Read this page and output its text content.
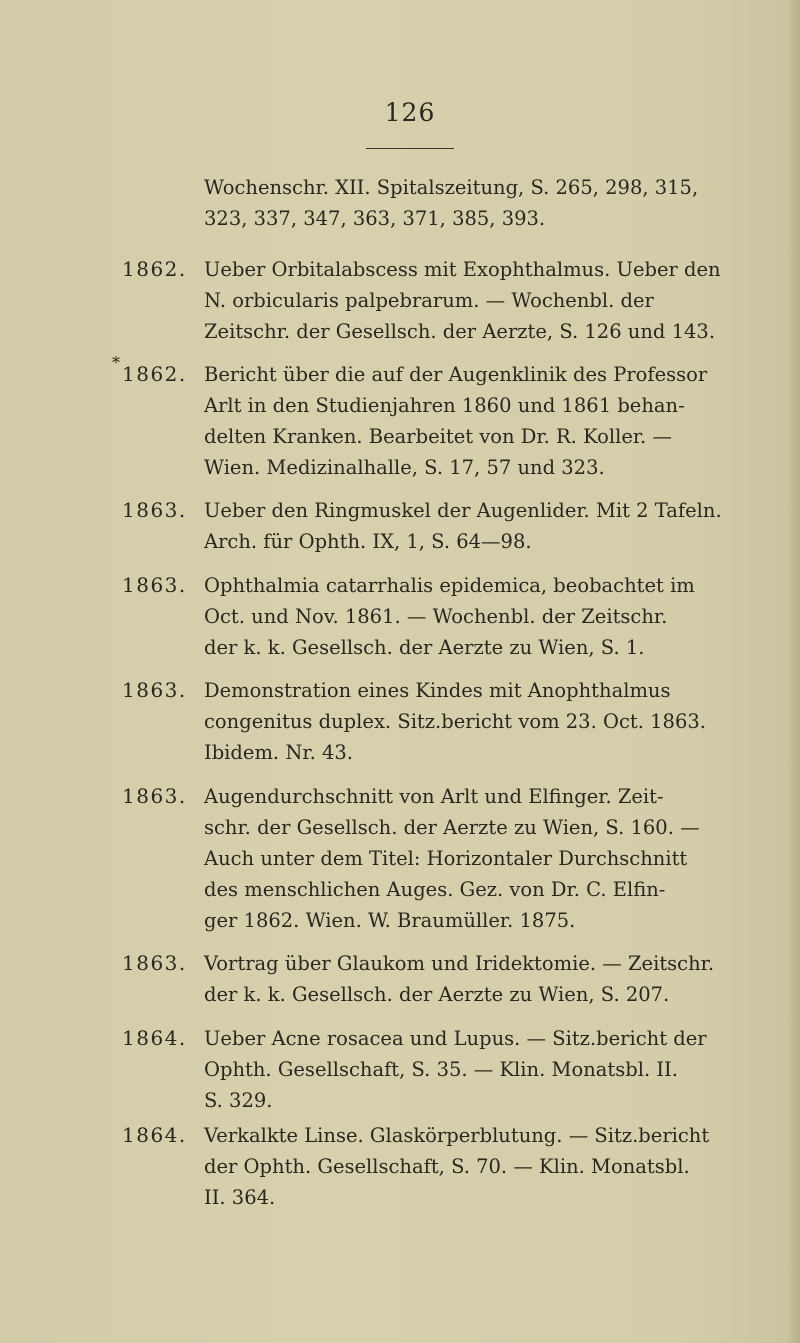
126
Wochenschr. XII. Spitalszeitung, S. 265, 298, 315,
323, 337, 347, 363, 371, 385, 393.
1862. Ueber Orbitalabscess mit Exophthalmus. Ueber den
N. orbicularis palpebrarum. — Wochenbl. der
Zeitschr. der Gesellsch. der Aerzte, S. 126 und 143.
* 1862. Bericht über die auf der Augenklinik des Professor
Arlt in den Studienjahren 1860 und 1861 behan-
delten Kranken. Bearbeitet von Dr. R. Koller. —
Wien. Medizinalhalle, S. 17, 57 und 323.
1863. Ueber den Ringmuskel der Augenlider. Mit 2 Tafeln.
Arch. für Ophth. IX, 1, S. 64—98.
1863. Ophthalmia catarrhalis epidemica, beobachtet im
Oct. und Nov. 1861. — Wochenbl. der Zeitschr.
der k. k. Gesellsch. der Aerzte zu Wien, S. 1.
1863. Demonstration eines Kindes mit Anophthalmus
congenitus duplex. Sitz.bericht vom 23. Oct. 1863.
Ibidem. Nr. 43.
1863. Augendurchschnitt von Arlt und Elfinger. Zeit-
schr. der Gesellsch. der Aerzte zu Wien, S. 160. —
Auch unter dem Titel: Horizontaler Durchschnitt
des menschlichen Auges. Gez. von Dr. C. Elfin-
ger 1862. Wien. W. Braumüller. 1875.
1863. Vortrag über Glaukom und Iridektomie. — Zeitschr.
der k. k. Gesellsch. der Aerzte zu Wien, S. 207.
1864. Ueber Acne rosacea und Lupus. — Sitz.bericht der
Ophth. Gesellschaft, S. 35. — Klin. Monatsbl. II.
S. 329.
1864. Verkalkte Linse. Glaskörperblutung. — Sitz.bericht
der Ophth. Gesellschaft, S. 70. — Klin. Monatsbl.
II. 364.
